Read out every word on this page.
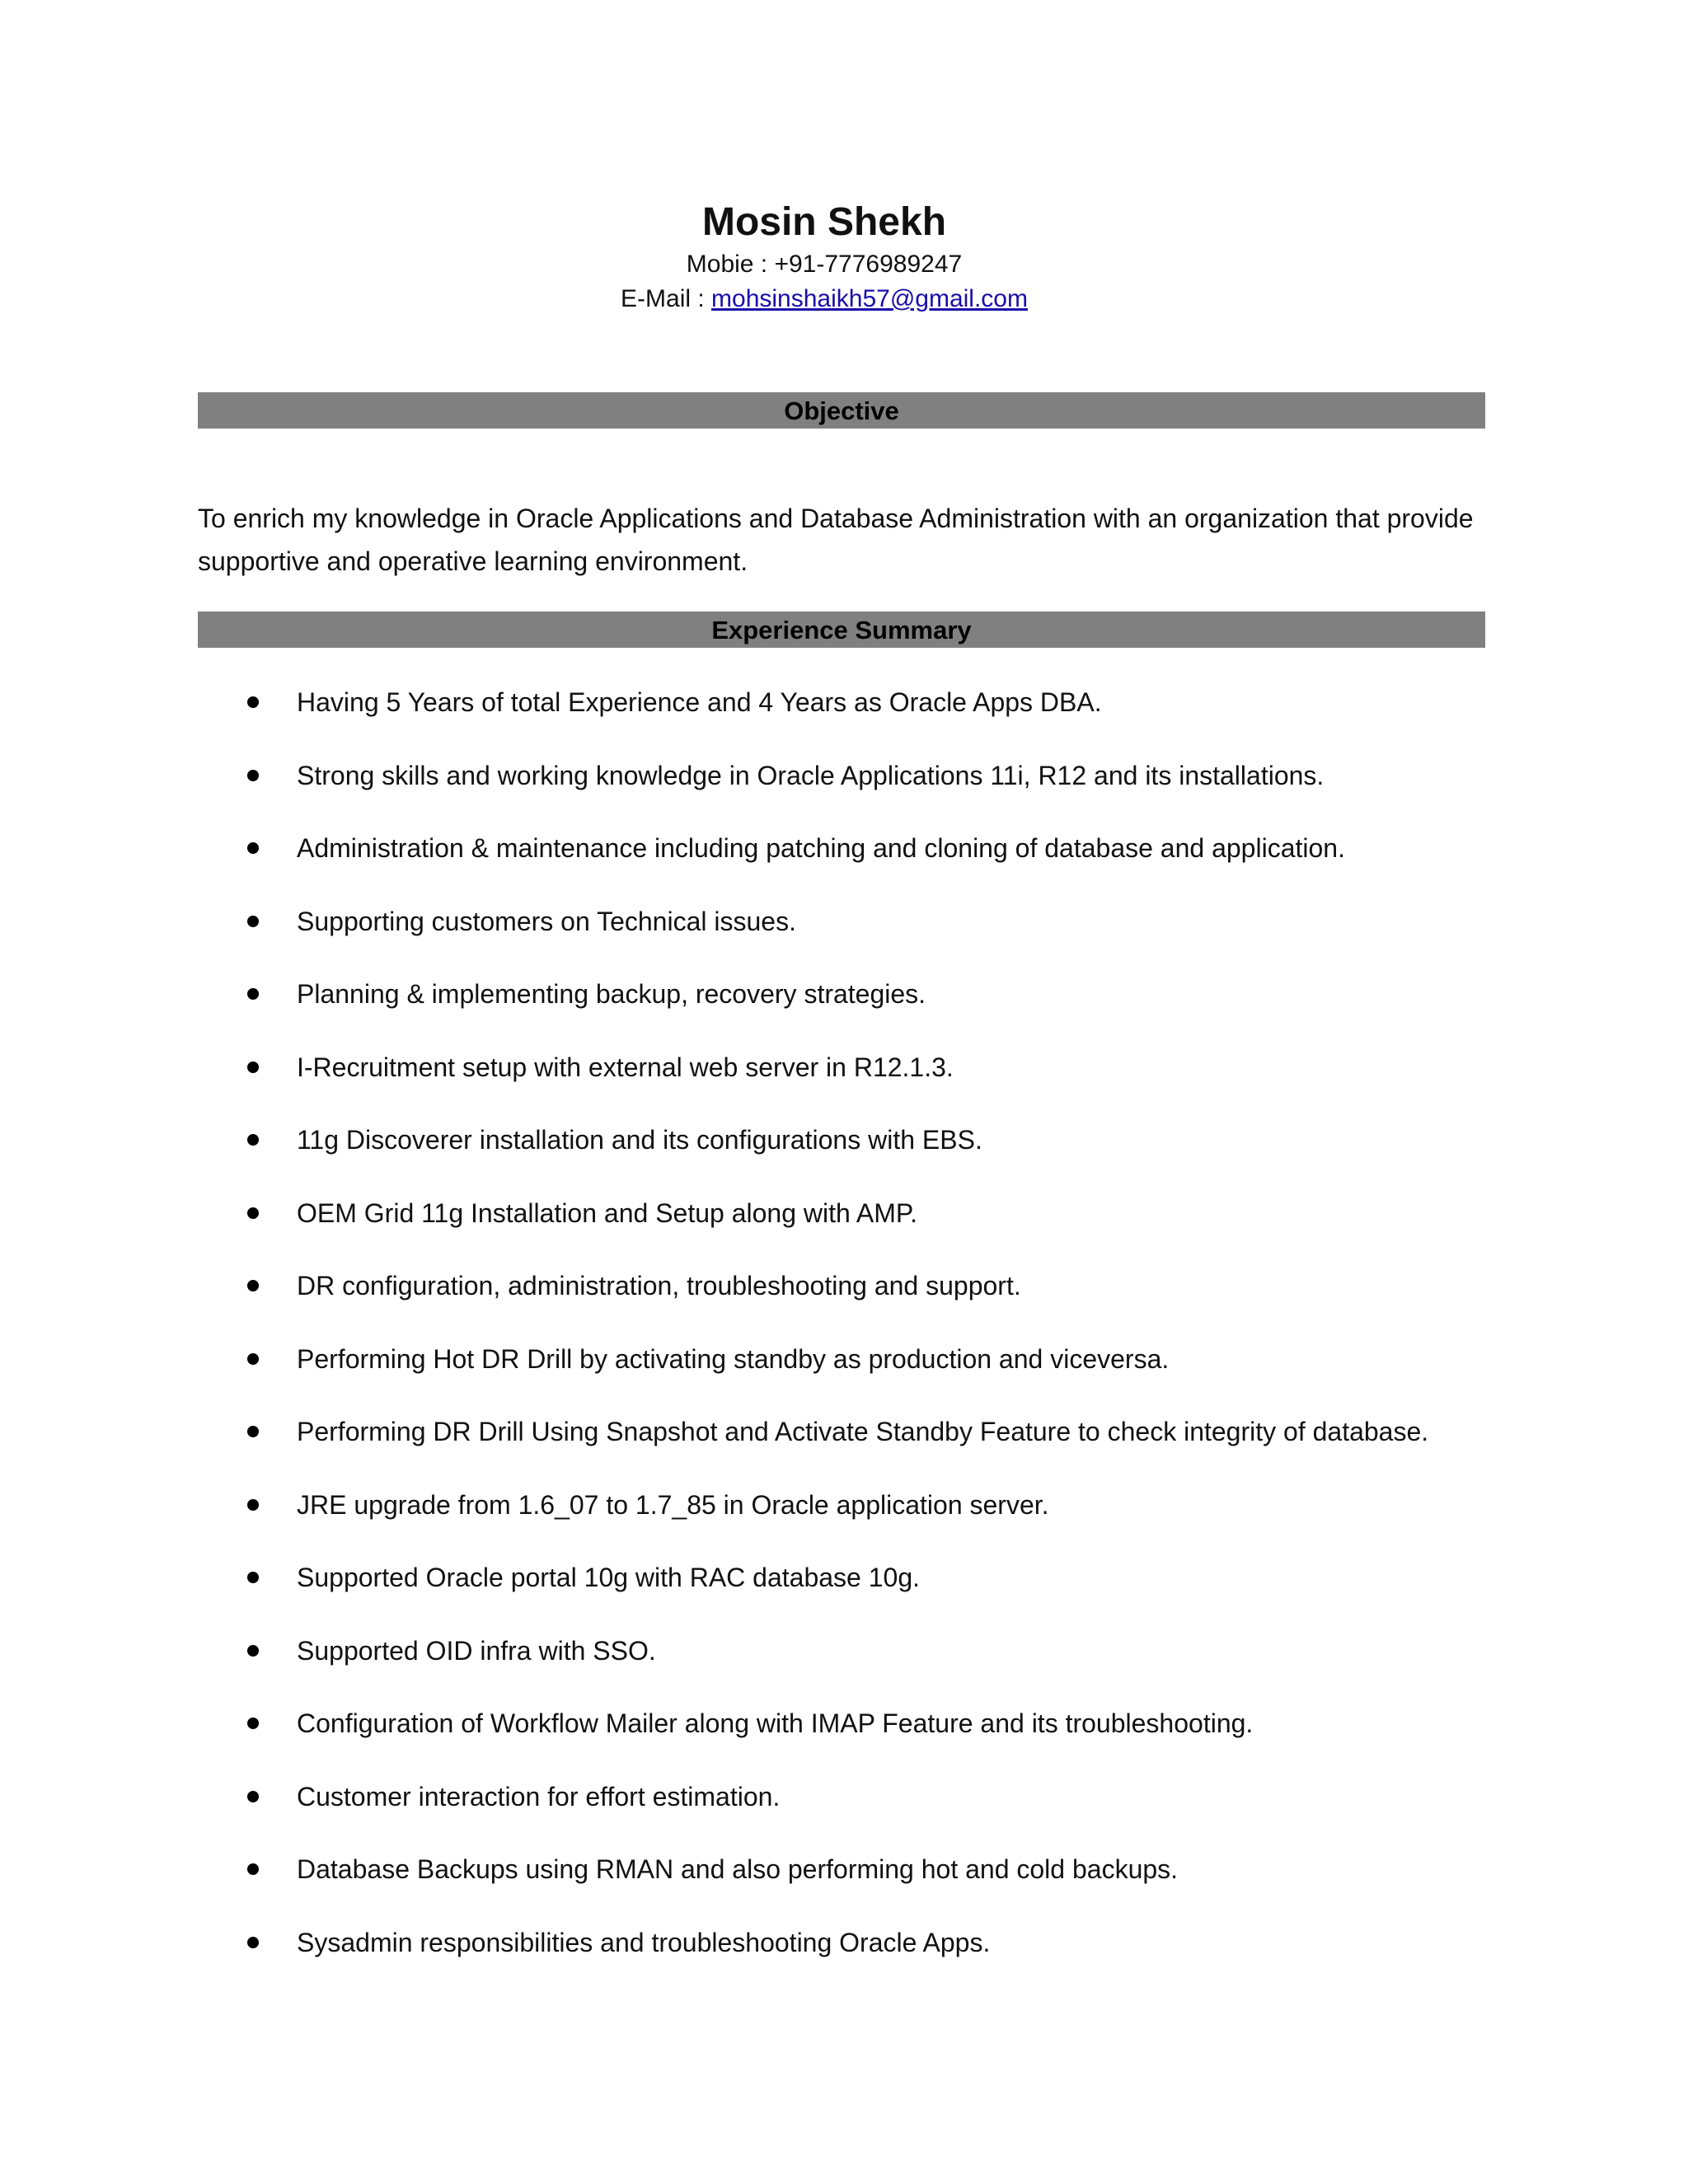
Mosin Shekh

Mobie : +91-7776989247

E-Mail : mohsinshaikh57@gmail.com

Objective

To enrich my knowledge in Oracle Applications and Database Administration with an organization that provide supportive and operative learning environment.

Experience Summary
Having 5 Years of total Experience and 4 Years as Oracle Apps DBA.
Strong skills and working knowledge in Oracle Applications 11i, R12 and its installations.
Administration & maintenance including patching and cloning of database and application.
Supporting customers on Technical issues.
Planning & implementing backup, recovery strategies.
I-Recruitment setup with external web server in R12.1.3.
11g Discoverer installation and its configurations with EBS.
OEM Grid 11g Installation and Setup along with AMP.
DR configuration, administration, troubleshooting and support.
Performing Hot DR Drill by activating standby as production and viceversa.
Performing DR Drill Using Snapshot and Activate Standby Feature to check integrity of database.
JRE upgrade from 1.6_07 to 1.7_85 in Oracle application server.
Supported Oracle portal 10g with RAC database 10g.
Supported OID infra with SSO.
Configuration of Workflow Mailer along with IMAP Feature and its troubleshooting.
Customer interaction for effort estimation.
Database Backups using RMAN and also performing hot and cold backups.
Sysadmin responsibilities and troubleshooting Oracle Apps.
